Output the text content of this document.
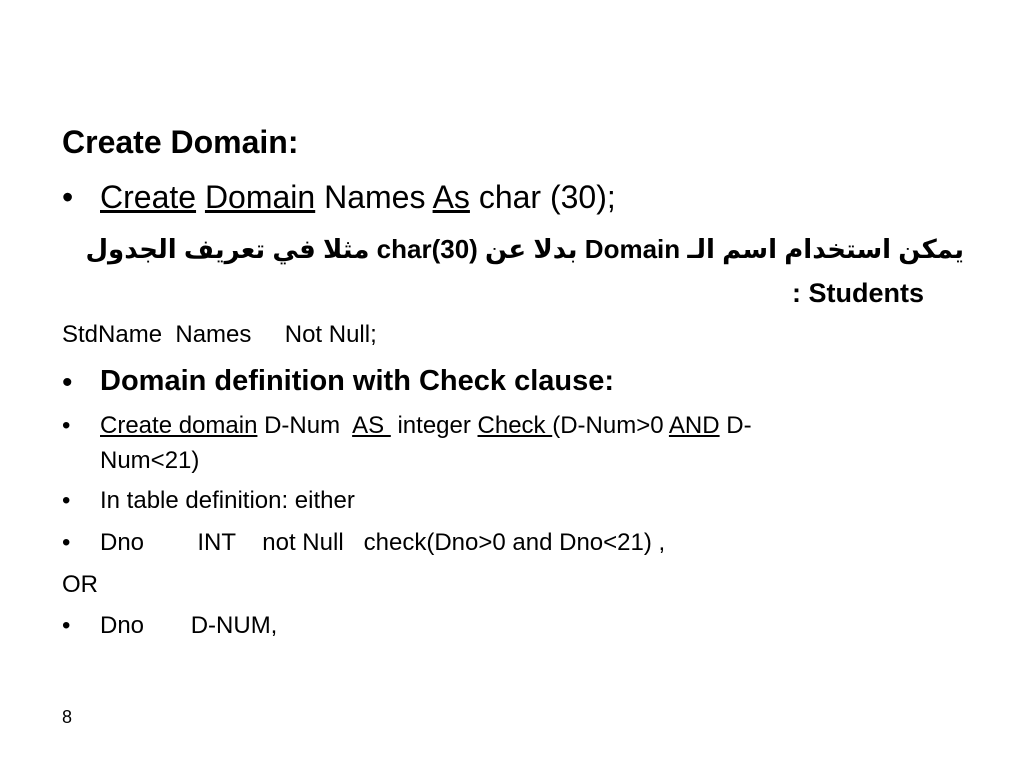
Create Domain:
• Create Domain Names As char (30);
يمكن استخدام اسم الـ Domain بدلا عن char(30) مثلا في تعريف الجدول
: Students
StdName  Names     Not Null;
• Domain definition with Check clause:
•	Create domain D-Num  AS  integer Check (D-Num>0 AND D-
Num<21)
•	In table definition: either
•	Dno        INT    not Null   check(Dno>0 and Dno<21) ,
OR
•	Dno       D-NUM,
8
